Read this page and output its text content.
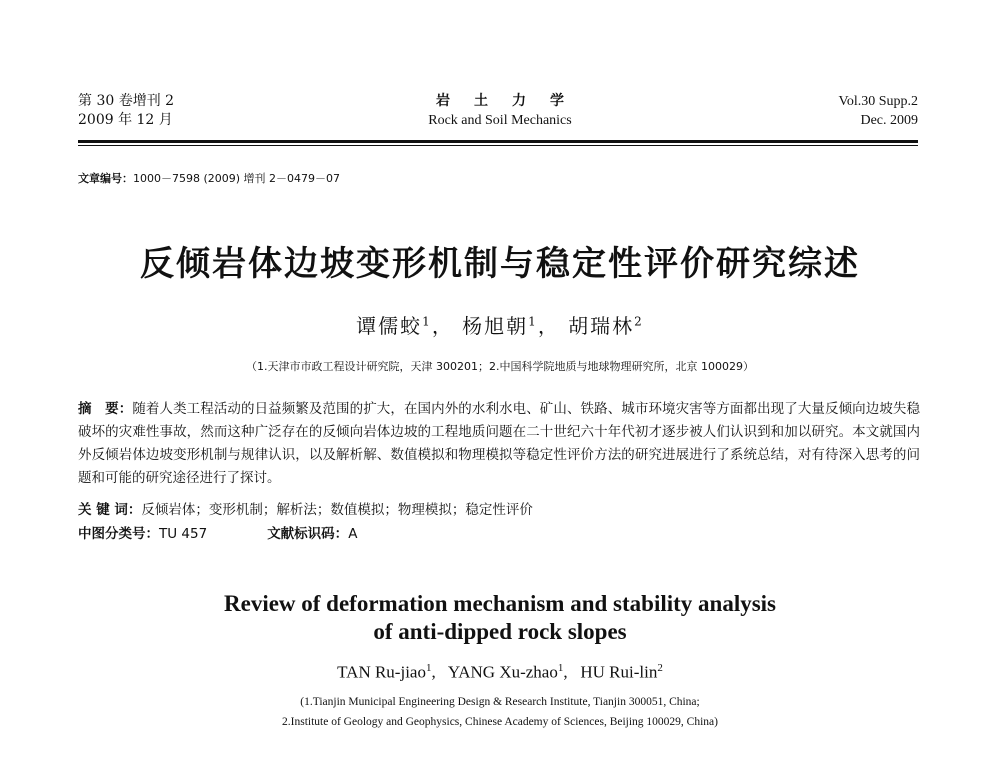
第 30 卷增刊 2
2009 年 12 月
岩土力学
Rock and Soil Mechanics
Vol.30 Supp.2
Dec. 2009
文章编号：1000－7598 (2009) 增刊 2－0479－07
反倾岩体边坡变形机制与稳定性评价研究综述
谭儒蛟$^1$， 杨旭朝$^1$， 胡瑞林$^2$
（1.天津市市政工程设计研究院，天津 300201；2.中国科学院地质与地球物理研究所，北京 100029）
摘　要：随着人类工程活动的日益频繁及范围的扩大，在国内外的水利水电、矿山、铁路、城市环境灾害等方面都出现了大量反倾向边坡失稳破坏的灾难性事故，然而这种广泛存在的反倾向岩体边坡的工程地质问题在二十世纪六十年代初才逐步被人们认识到和加以研究。本文就国内外反倾岩体边坡变形机制与规律认识，以及解析解、数值模拟和物理模拟等稳定性评价方法的研究进展进行了系统总结，对有待深入思考的问题和可能的研究途径进行了探讨。
关 键 词：反倾岩体；变形机制；解析法；数值模拟；物理模拟；稳定性评价
中图分类号：TU 457	文献标识码：A
Review of deformation mechanism and stability analysis
of anti-dipped rock slopes
TAN Ru-jiao$^1$, YANG Xu-zhao$^1$, HU Rui-lin$^2$
(1.Tianjin Municipal Engineering Design & Research Institute, Tianjin 300051, China;
2.Institute of Geology and Geophysics, Chinese Academy of Sciences, Beijing 100029, China)
